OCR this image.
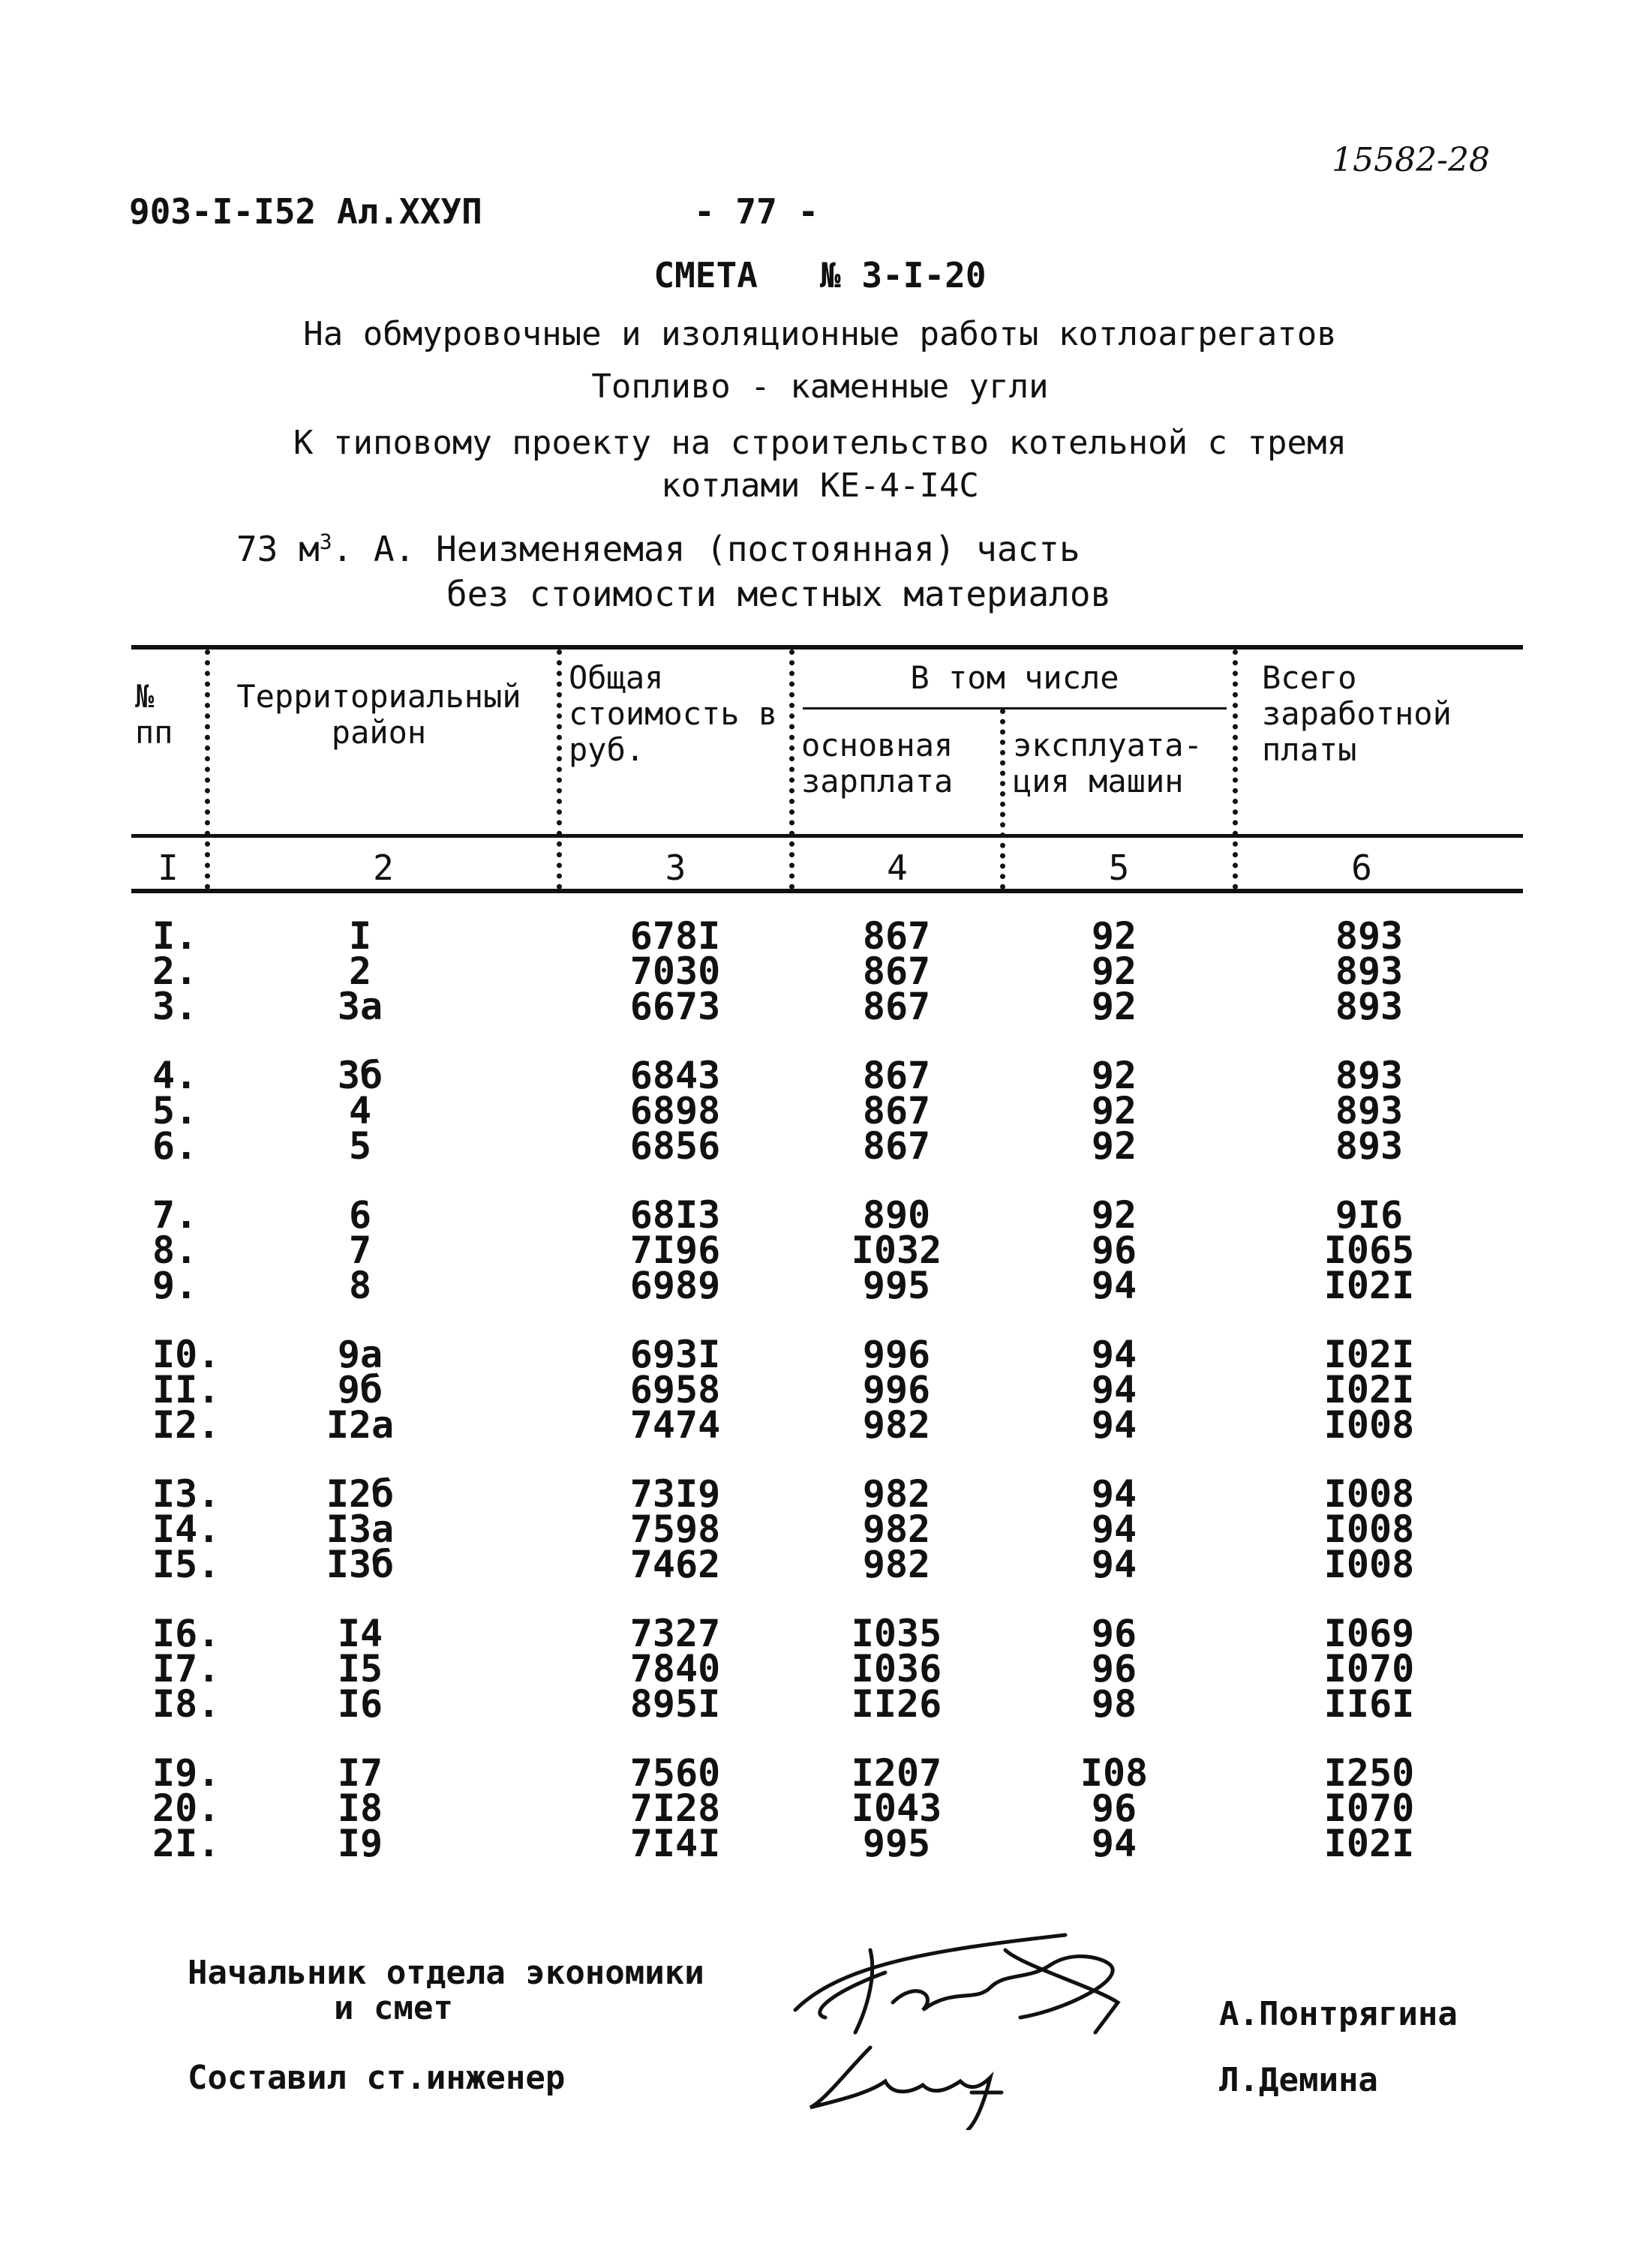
15582-28
903-I-I52 Ал.ХХУП	- 77 -
СМЕТА № 3-I-20
На обмуровочные и изоляционные работы котлоагрегатов
Топливо - каменные угли
К типовому проекту на строительство котельной с тремя
котлами КЕ-4-I4С
73 $м^3$. А. Неизменяемая (постоянная) часть
без стоимости местных материалов
№ пп
Территориальный район
Общая стоимость в руб.
В том числе
основная зарплата
эксплуата- ция машин
Всего заработной платы
I	2	3	4	5	6
I.	I	678I	867	92	893
2.	2	7030	867	92	893
3.	3а	6673	867	92	893
4.	3б	6843	867	92	893
5.	4	6898	867	92	893
6.	5	6856	867	92	893
7.	6	68I3	890	92	9I6
8.	7	7I96	I032	96	I065
9.	8	6989	995	94	I02I
I0.	9а	693I	996	94	I02I
II.	9б	6958	996	94	I02I
I2.	I2а	7474	982	94	I008
I3.	I2б	73I9	982	94	I008
I4.	I3а	7598	982	94	I008
I5.	I3б	7462	982	94	I008
I6.	I4	7327	I035	96	I069
I7.	I5	7840	I036	96	I070
I8.	I6	895I	II26	98	II6I
I9.	I7	7560	I207	I08	I250
20.	I8	7I28	I043	96	I070
2I.	I9	7I4I	995	94	I02I
Начальник отдела экономики
и смет	А.Понтрягина
Составил ст.инженер	Л.Демина
